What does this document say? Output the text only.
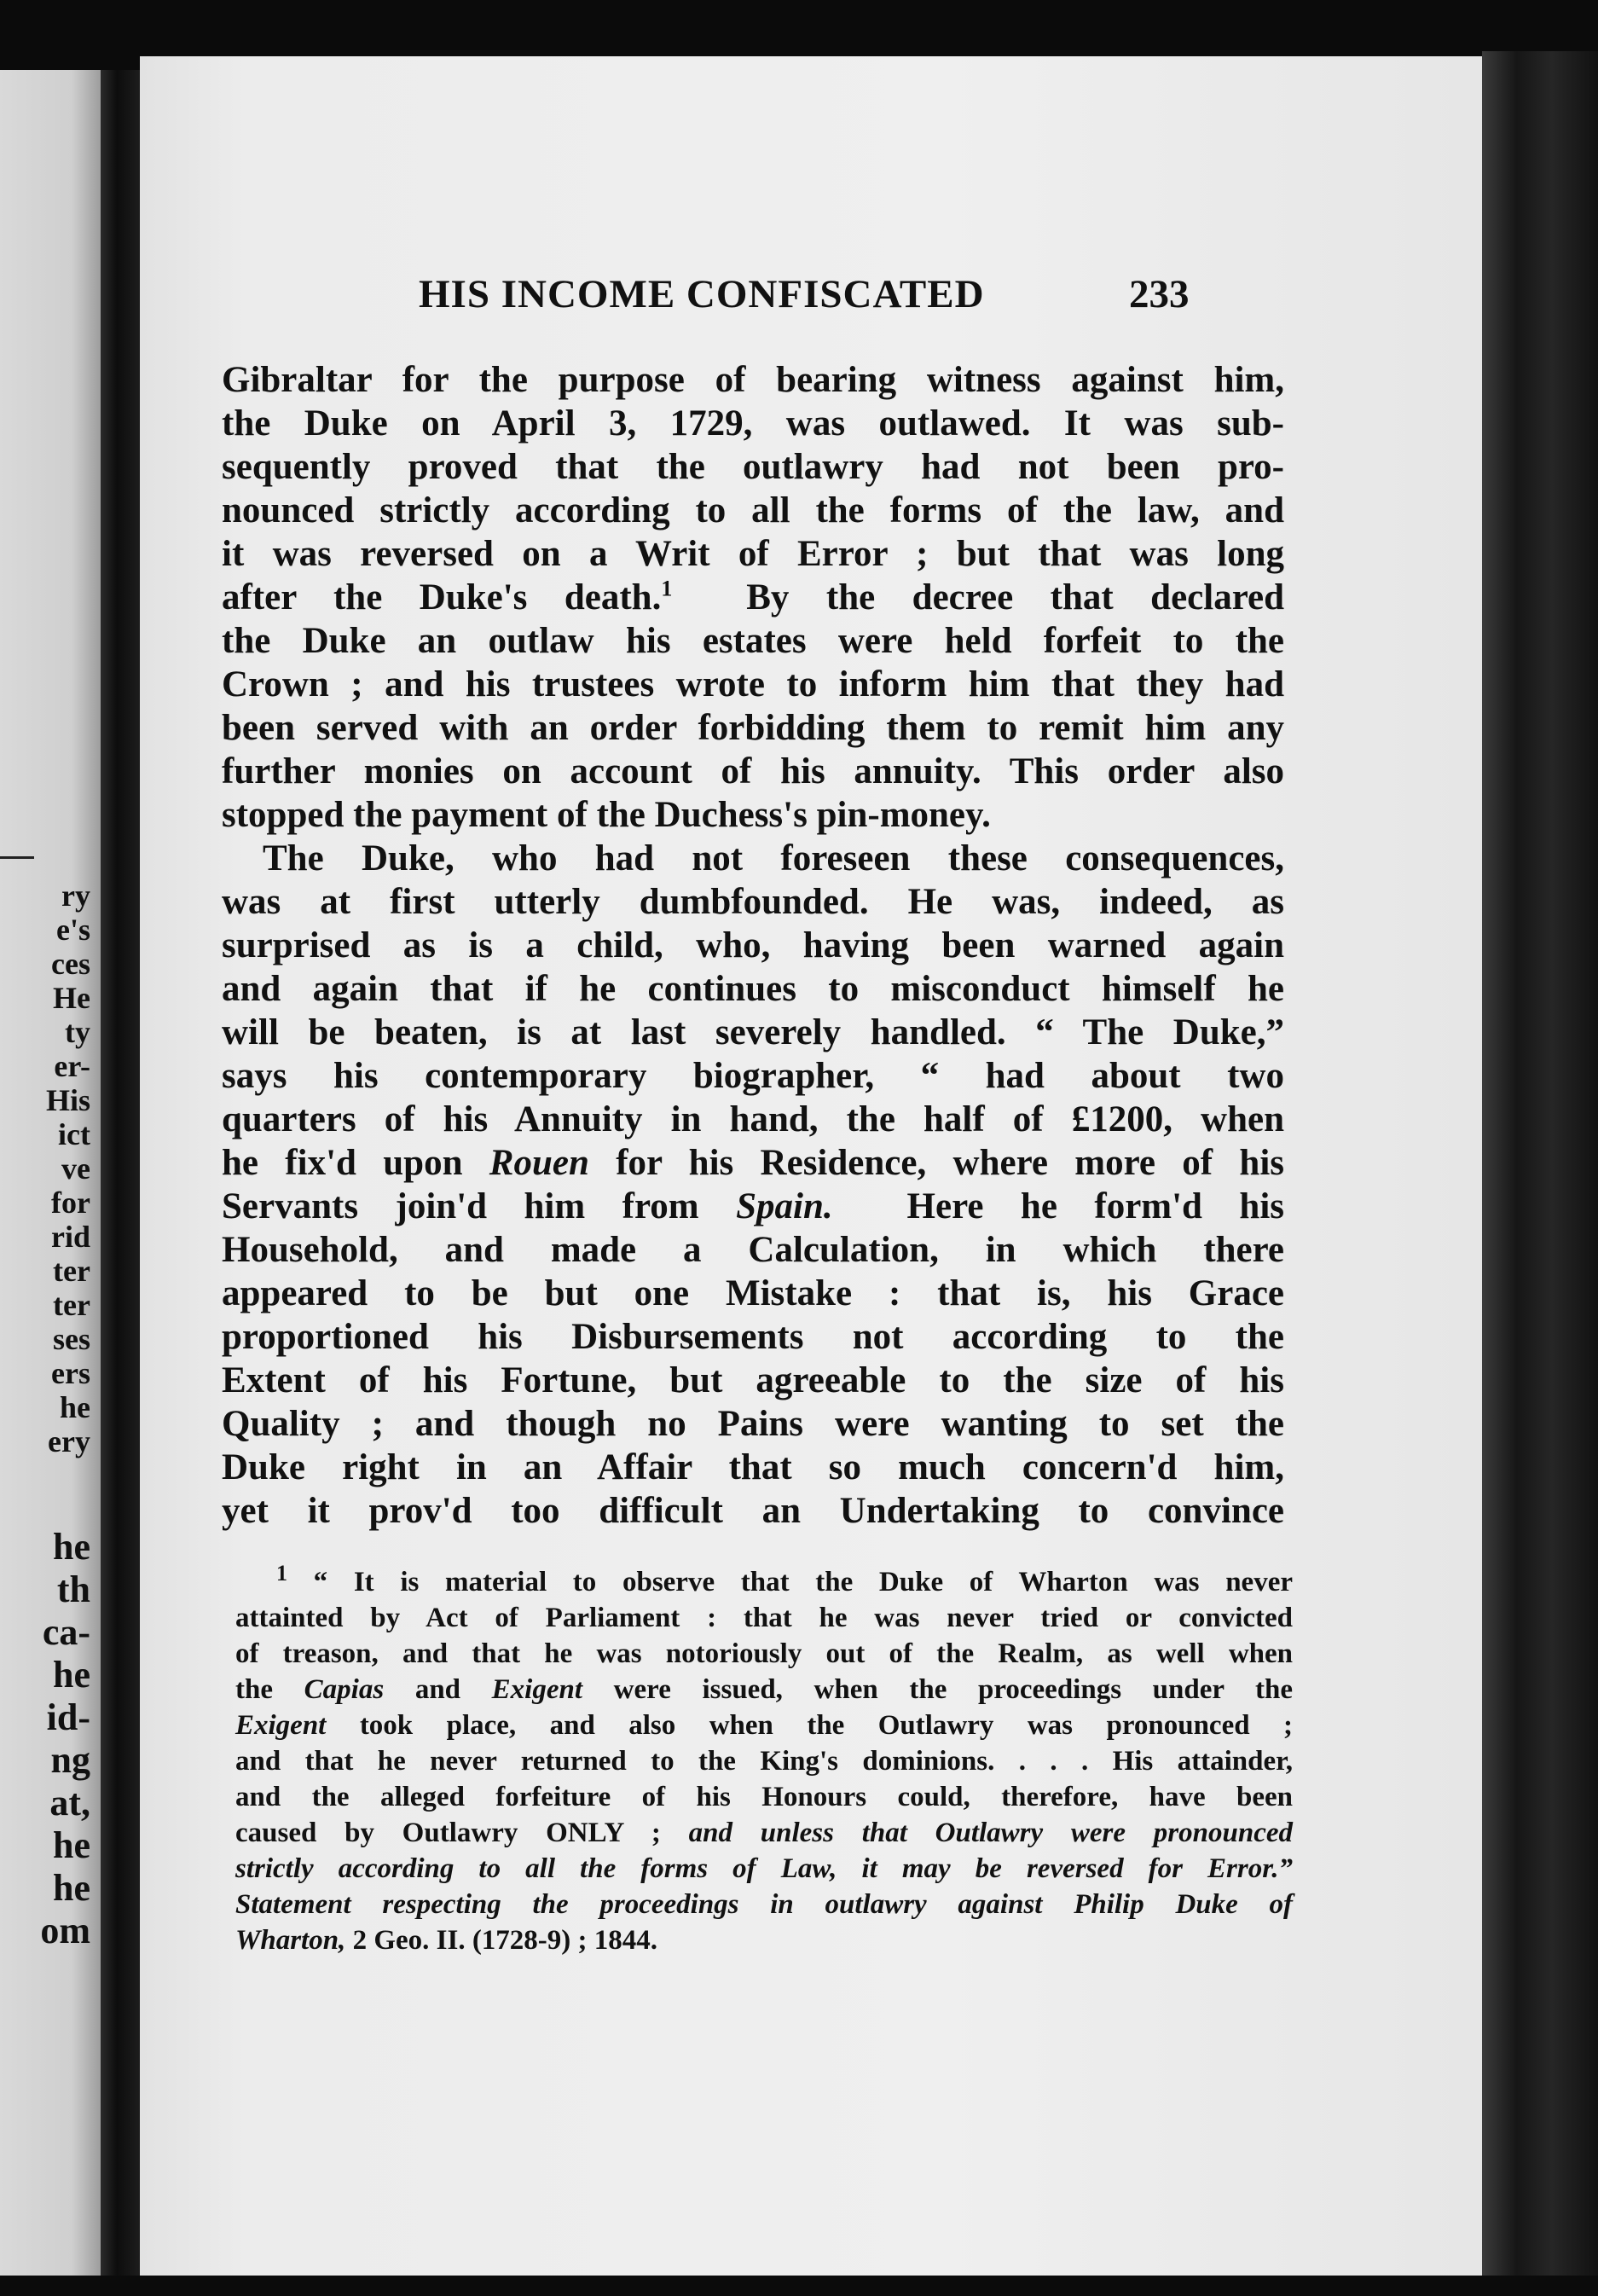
ry
e's
ces
He
ty
er-
His
ict
ve
for
rid
ter
ter
ses
ers
he
ery
he
th
ca-
he
id-
ng
at,
he
he
om
HIS INCOME CONFISCATED	233
Gibraltar for the purpose of bearing witness against him,
the Duke on April 3, 1729, was outlawed. It was sub-
sequently proved that the outlawry had not been pro-
nounced strictly according to all the forms of the law, and
it was reversed on a Writ of Error ; but that was long
after the Duke's death.$^1$ By the decree that declared
the Duke an outlaw his estates were held forfeit to the
Crown ; and his trustees wrote to inform him that they had
been served with an order forbidding them to remit him any
further monies on account of his annuity. This order also
stopped the payment of the Duchess's pin-money.
The Duke, who had not foreseen these consequences,
was at first utterly dumbfounded. He was, indeed, as
surprised as is a child, who, having been warned again
and again that if he continues to misconduct himself he
will be beaten, is at last severely handled. “ The Duke,”
says his contemporary biographer, “ had about two
quarters of his Annuity in hand, the half of £1200, when
he fix'd upon Rouen for his Residence, where more of his
Servants join'd him from Spain. Here he form'd his
Household, and made a Calculation, in which there
appeared to be but one Mistake : that is, his Grace
proportioned his Disbursements not according to the
Extent of his Fortune, but agreeable to the size of his
Quality ; and though no Pains were wanting to set the
Duke right in an Affair that so much concern'd him,
yet it prov'd too difficult an Undertaking to convince
$^1$ “ It is material to observe that the Duke of Wharton was never
attainted by Act of Parliament : that he was never tried or convicted
of treason, and that he was notoriously out of the Realm, as well when
the Capias and Exigent were issued, when the proceedings under the
Exigent took place, and also when the Outlawry was pronounced ;
and that he never returned to the King's dominions. . . . His attainder,
and the alleged forfeiture of his Honours could, therefore, have been
caused by Outlawry ONLY ; and unless that Outlawry were pronounced
strictly according to all the forms of Law, it may be reversed for Error.”
Statement respecting the proceedings in outlawry against Philip Duke of
Wharton, 2 Geo. II. (1728-9) ; 1844.
